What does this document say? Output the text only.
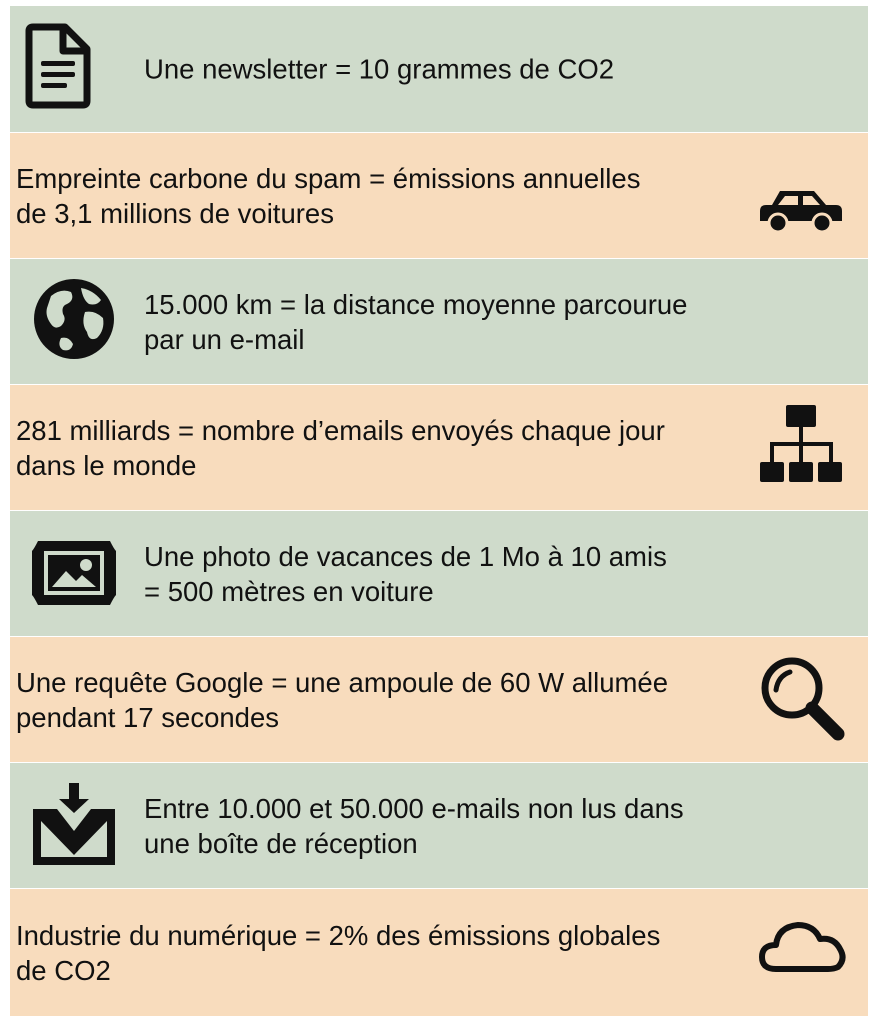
Une newsletter = 10 grammes de CO2
Empreinte carbone du spam = émissions annuelles
de 3,1 millions de voitures
15.000 km = la distance moyenne parcourue
par un e-mail
281 milliards = nombre d’emails envoyés chaque jour
dans le monde
Une photo de vacances de 1 Mo à 10 amis
= 500 mètres en voiture
Une requête Google = une ampoule de 60 W allumée
pendant 17 secondes
Entre 10.000 et 50.000 e-mails non lus dans
une boîte de réception
Industrie du numérique = 2% des émissions globales
de CO2
